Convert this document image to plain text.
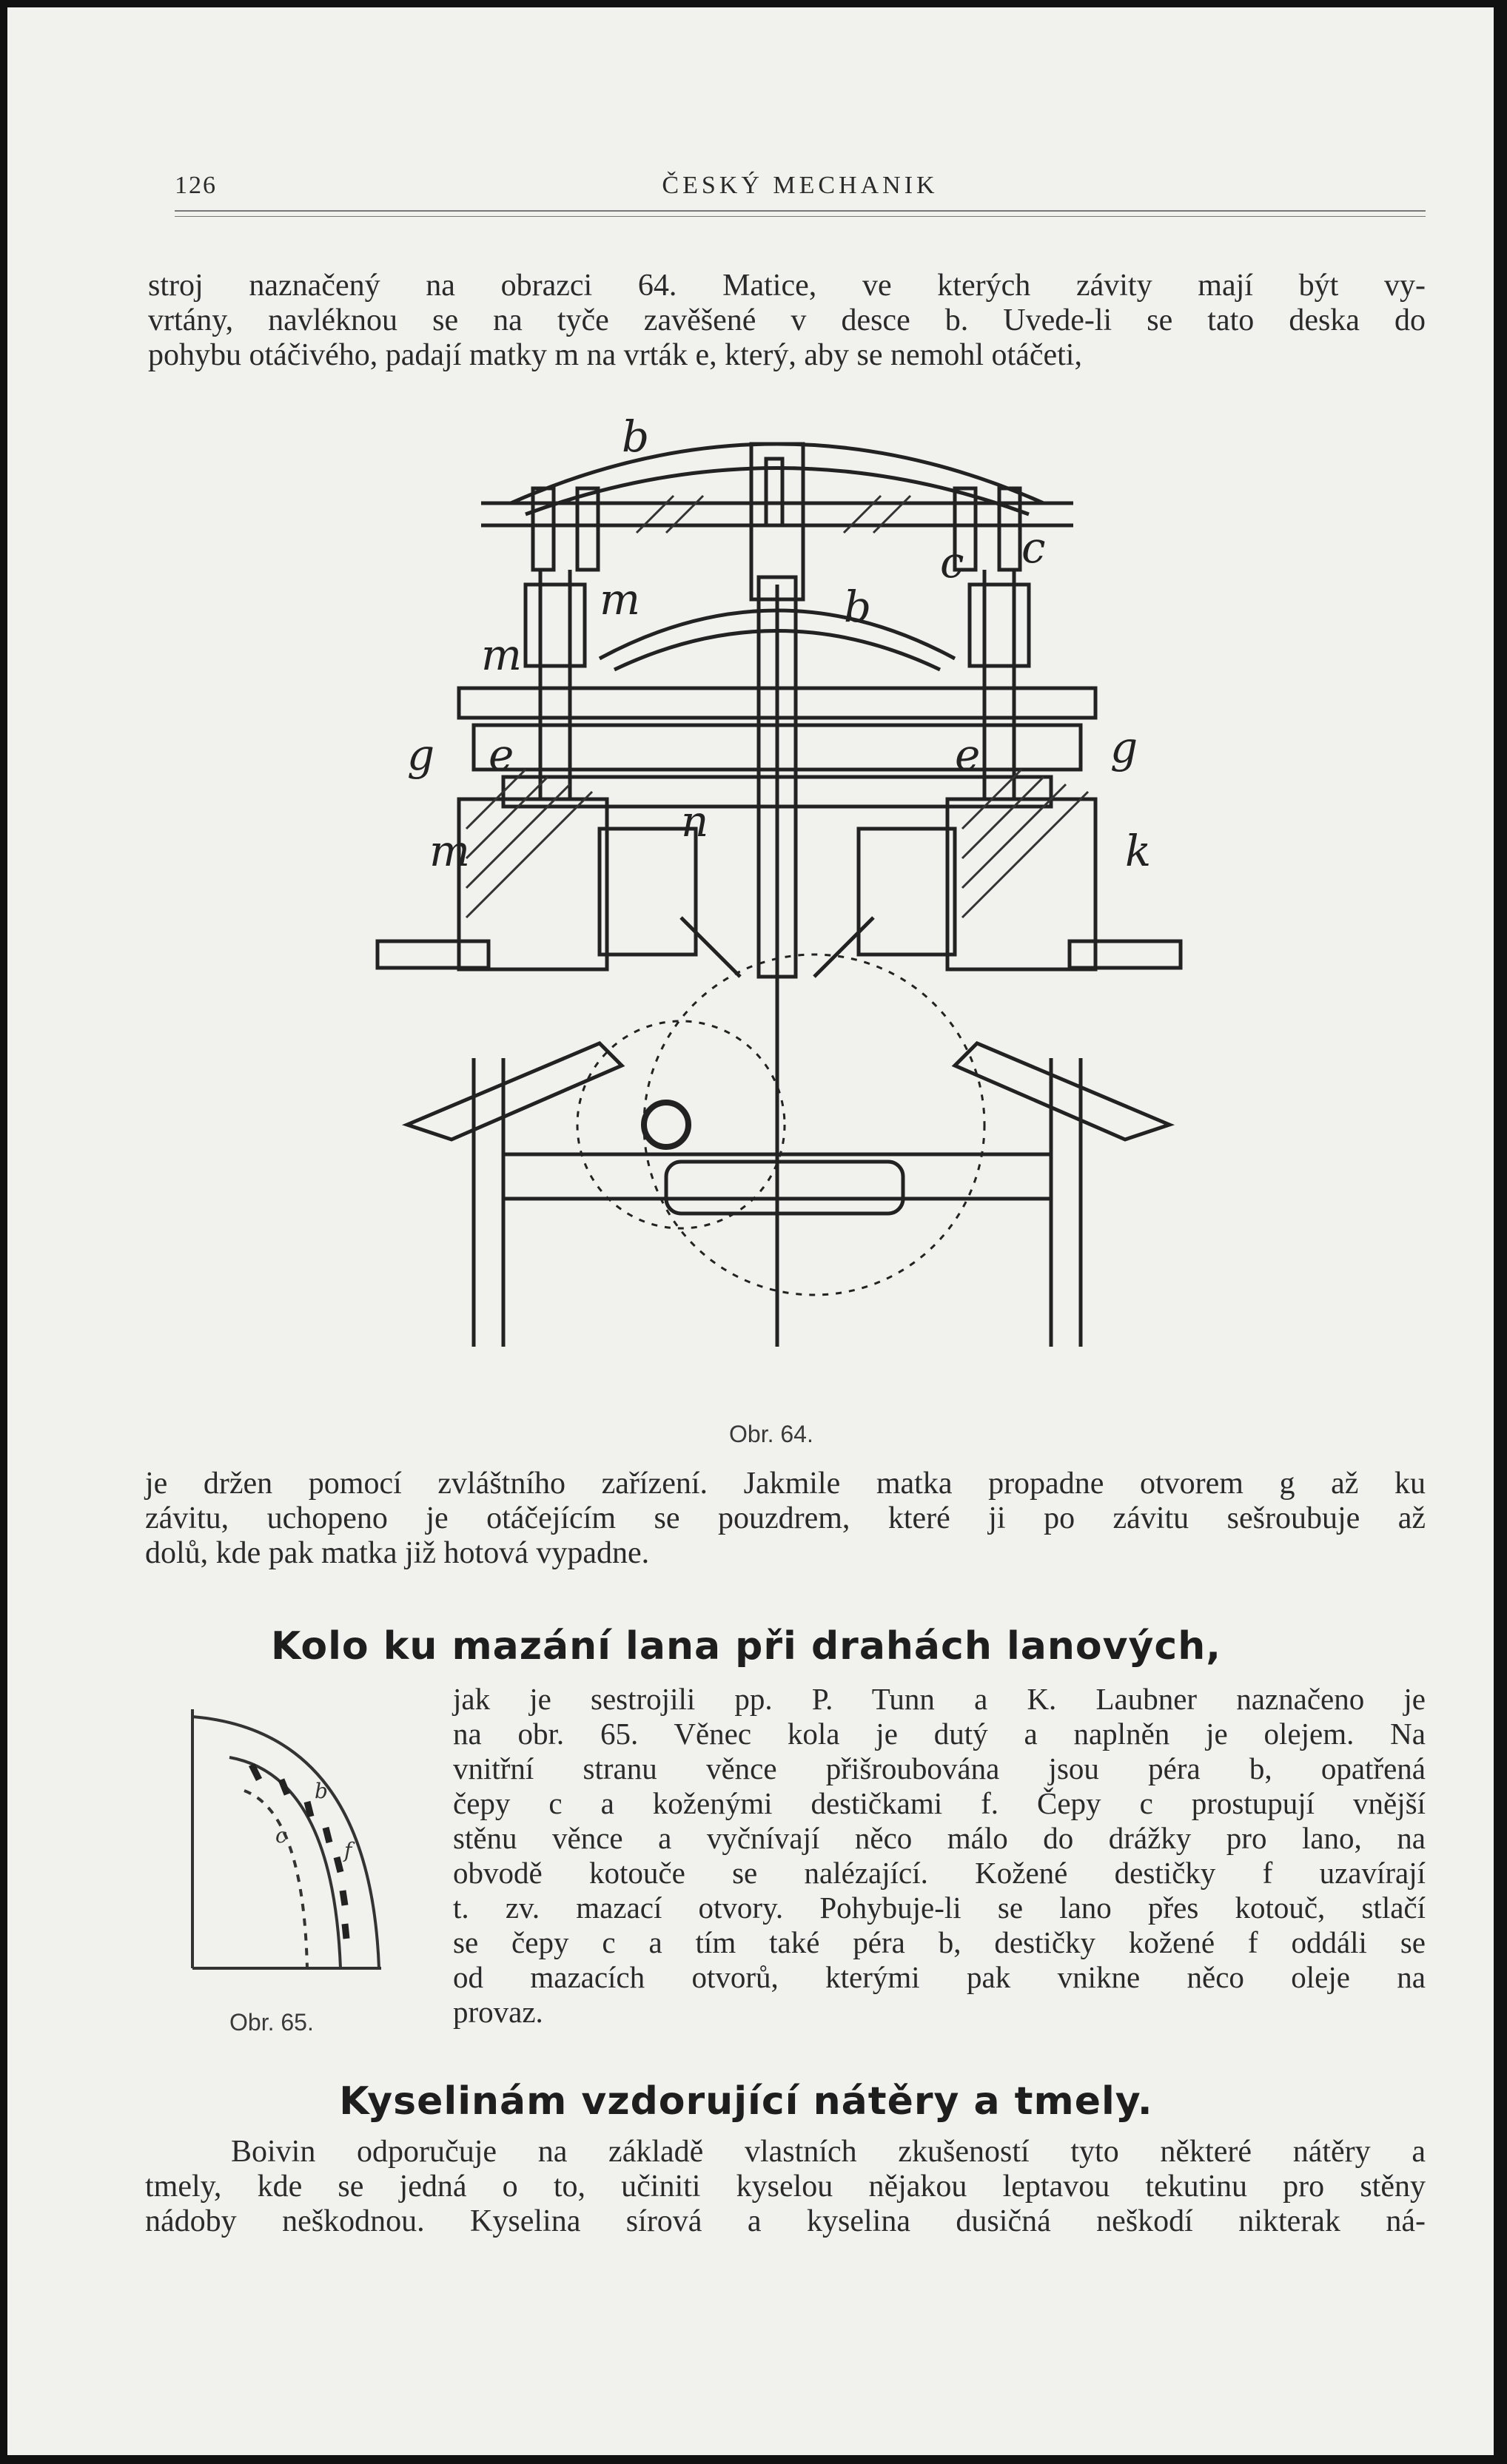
126	ČESKÝ MECHANIK
stroj naznačený na obrazci 64. Matice, ve kterých závity mají být vy-
vrtány, navléknou se na tyče zavěšené v desce b. Uvede-li se tato deska do
pohybu otáčivého, padají matky m na vrták e, který, aby se nemohl otáčeti,
b
b
c c
m
m
m
g	g
e	e
n
k
Obr. 64.
je držen pomocí zvláštního zařízení. Jakmile matka propadne otvorem g až ku
závitu, uchopeno je otáčejícím se pouzdrem, které ji po závitu sešroubuje až
dolů, kde pak matka již hotová vypadne.
Kolo ku mazání lana při drahách lanových,
b
c
f
Obr. 65.
jak je sestrojili pp. P. Tunn a K. Laubner naznačeno je
na obr. 65. Věnec kola je dutý a naplněn je olejem. Na
vnitřní stranu věnce přišroubována jsou péra b, opatřená
čepy c a koženými destičkami f. Čepy c prostupují vnější
stěnu věnce a vyčnívají něco málo do drážky pro lano, na
obvodě kotouče se nalézající. Kožené destičky f uzavírají
t. zv. mazací otvory. Pohybuje-li se lano přes kotouč, stlačí
se čepy c a tím také péra b, destičky kožené f oddáli se
od mazacích otvorů, kterými pak vnikne něco oleje na
provaz.
Kyselinám vzdorující nátěry a tmely.
Boivin odporučuje na základě vlastních zkušeností tyto některé nátěry a
tmely, kde se jedná o to, učiniti kyselou nějakou leptavou tekutinu pro stěny
nádoby neškodnou. Kyselina sírová a kyselina dusičná neškodí nikterak ná-
